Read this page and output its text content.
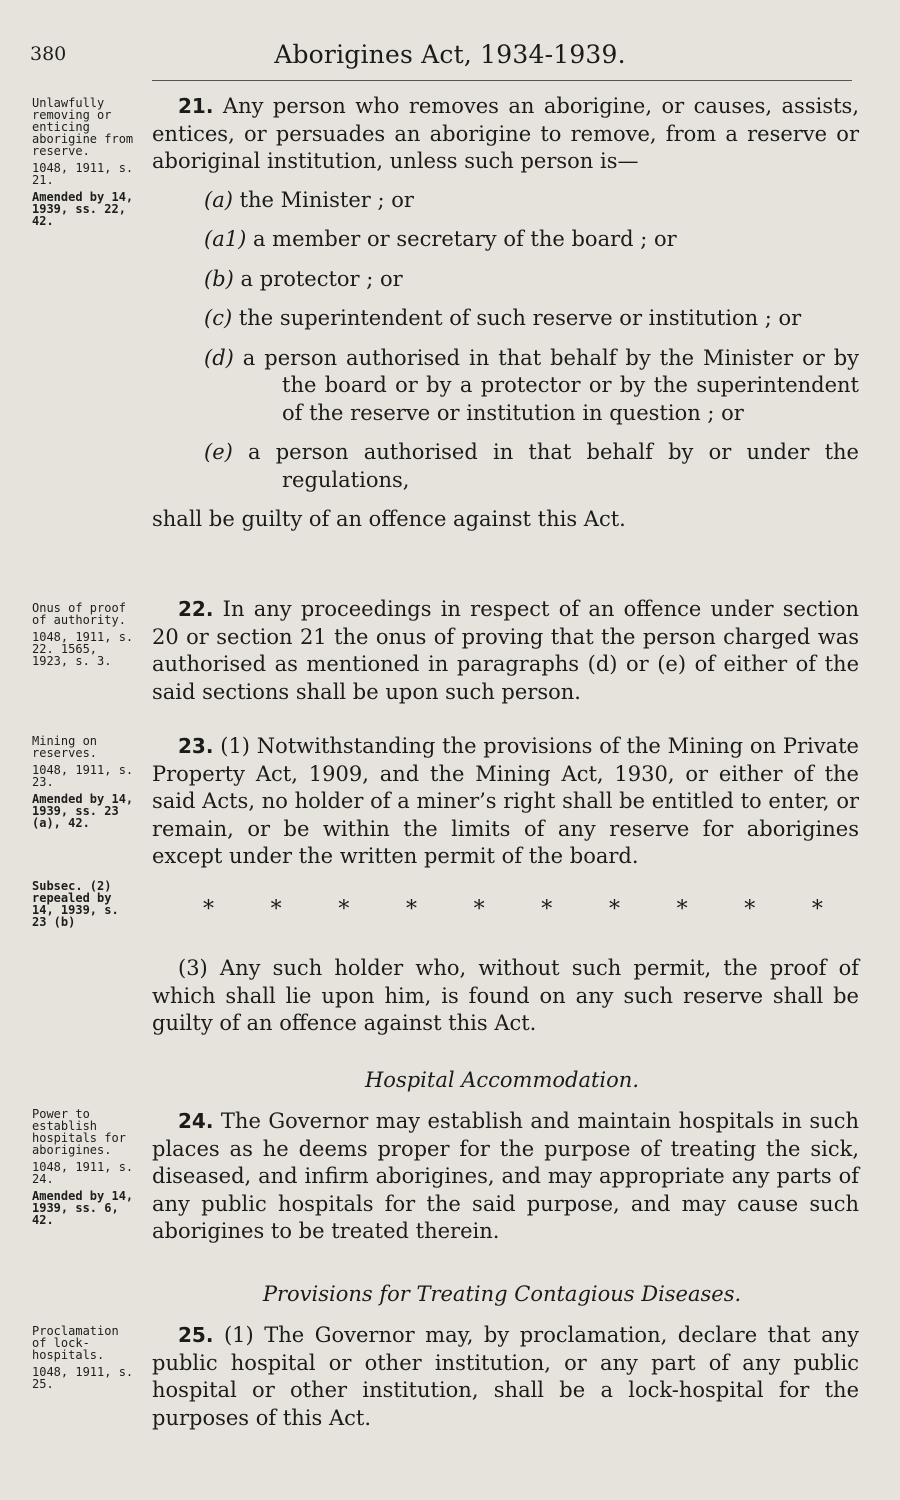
380	Aborigines Act, 1934-1939.

Unlawfully removing or enticing aborigine from reserve.

1048, 1911, s. 21.

Amended by 14, 1939, ss. 22, 42.

Onus of proof of authority.

1048, 1911, s. 22. 1565, 1923, s. 3.

Mining on reserves.

1048, 1911, s. 23.

Amended by 14, 1939, ss. 23 (a), 42.

Subsec. (2) repealed by 14, 1939, s. 23 (b)

Power to establish hospitals for aborigines.

1048, 1911, s. 24.

Amended by 14, 1939, ss. 6, 42.

Proclamation of lock-hospitals.

1048, 1911, s. 25.

21. Any person who removes an aborigine, or causes, assists, entices, or persuades an aborigine to remove, from a reserve or aboriginal institution, unless such person is—

(a) the Minister ; or

(a1) a member or secretary of the board ; or

(b) a protector ; or

(c) the superintendent of such reserve or institution ; or

(d) a person authorised in that behalf by the Minister or by the board or by a protector or by the superintendent of the reserve or institution in question ; or

(e) a person authorised in that behalf by or under the regulations,

shall be guilty of an offence against this Act.

22. In any proceedings in respect of an offence under section 20 or section 21 the onus of proving that the person charged was authorised as mentioned in paragraphs (d) or (e) of either of the said sections shall be upon such person.

23. (1) Notwithstanding the provisions of the Mining on Private Property Act, 1909, and the Mining Act, 1930, or either of the said Acts, no holder of a miner’s right shall be entitled to enter, or remain, or be within the limits of any reserve for aborigines except under the written permit of the board.

*	*	*	*	*	*	*	*	*	*

(3) Any such holder who, without such permit, the proof of which shall lie upon him, is found on any such reserve shall be guilty of an offence against this Act.

Hospital Accommodation.

24. The Governor may establish and maintain hospitals in such places as he deems proper for the purpose of treating the sick, diseased, and infirm aborigines, and may appropriate any parts of any public hospitals for the said purpose, and may cause such aborigines to be treated therein.

Provisions for Treating Contagious Diseases.

25. (1) The Governor may, by proclamation, declare that any public hospital or other institution, or any part of any public hospital or other institution, shall be a lock-hospital for the purposes of this Act.
